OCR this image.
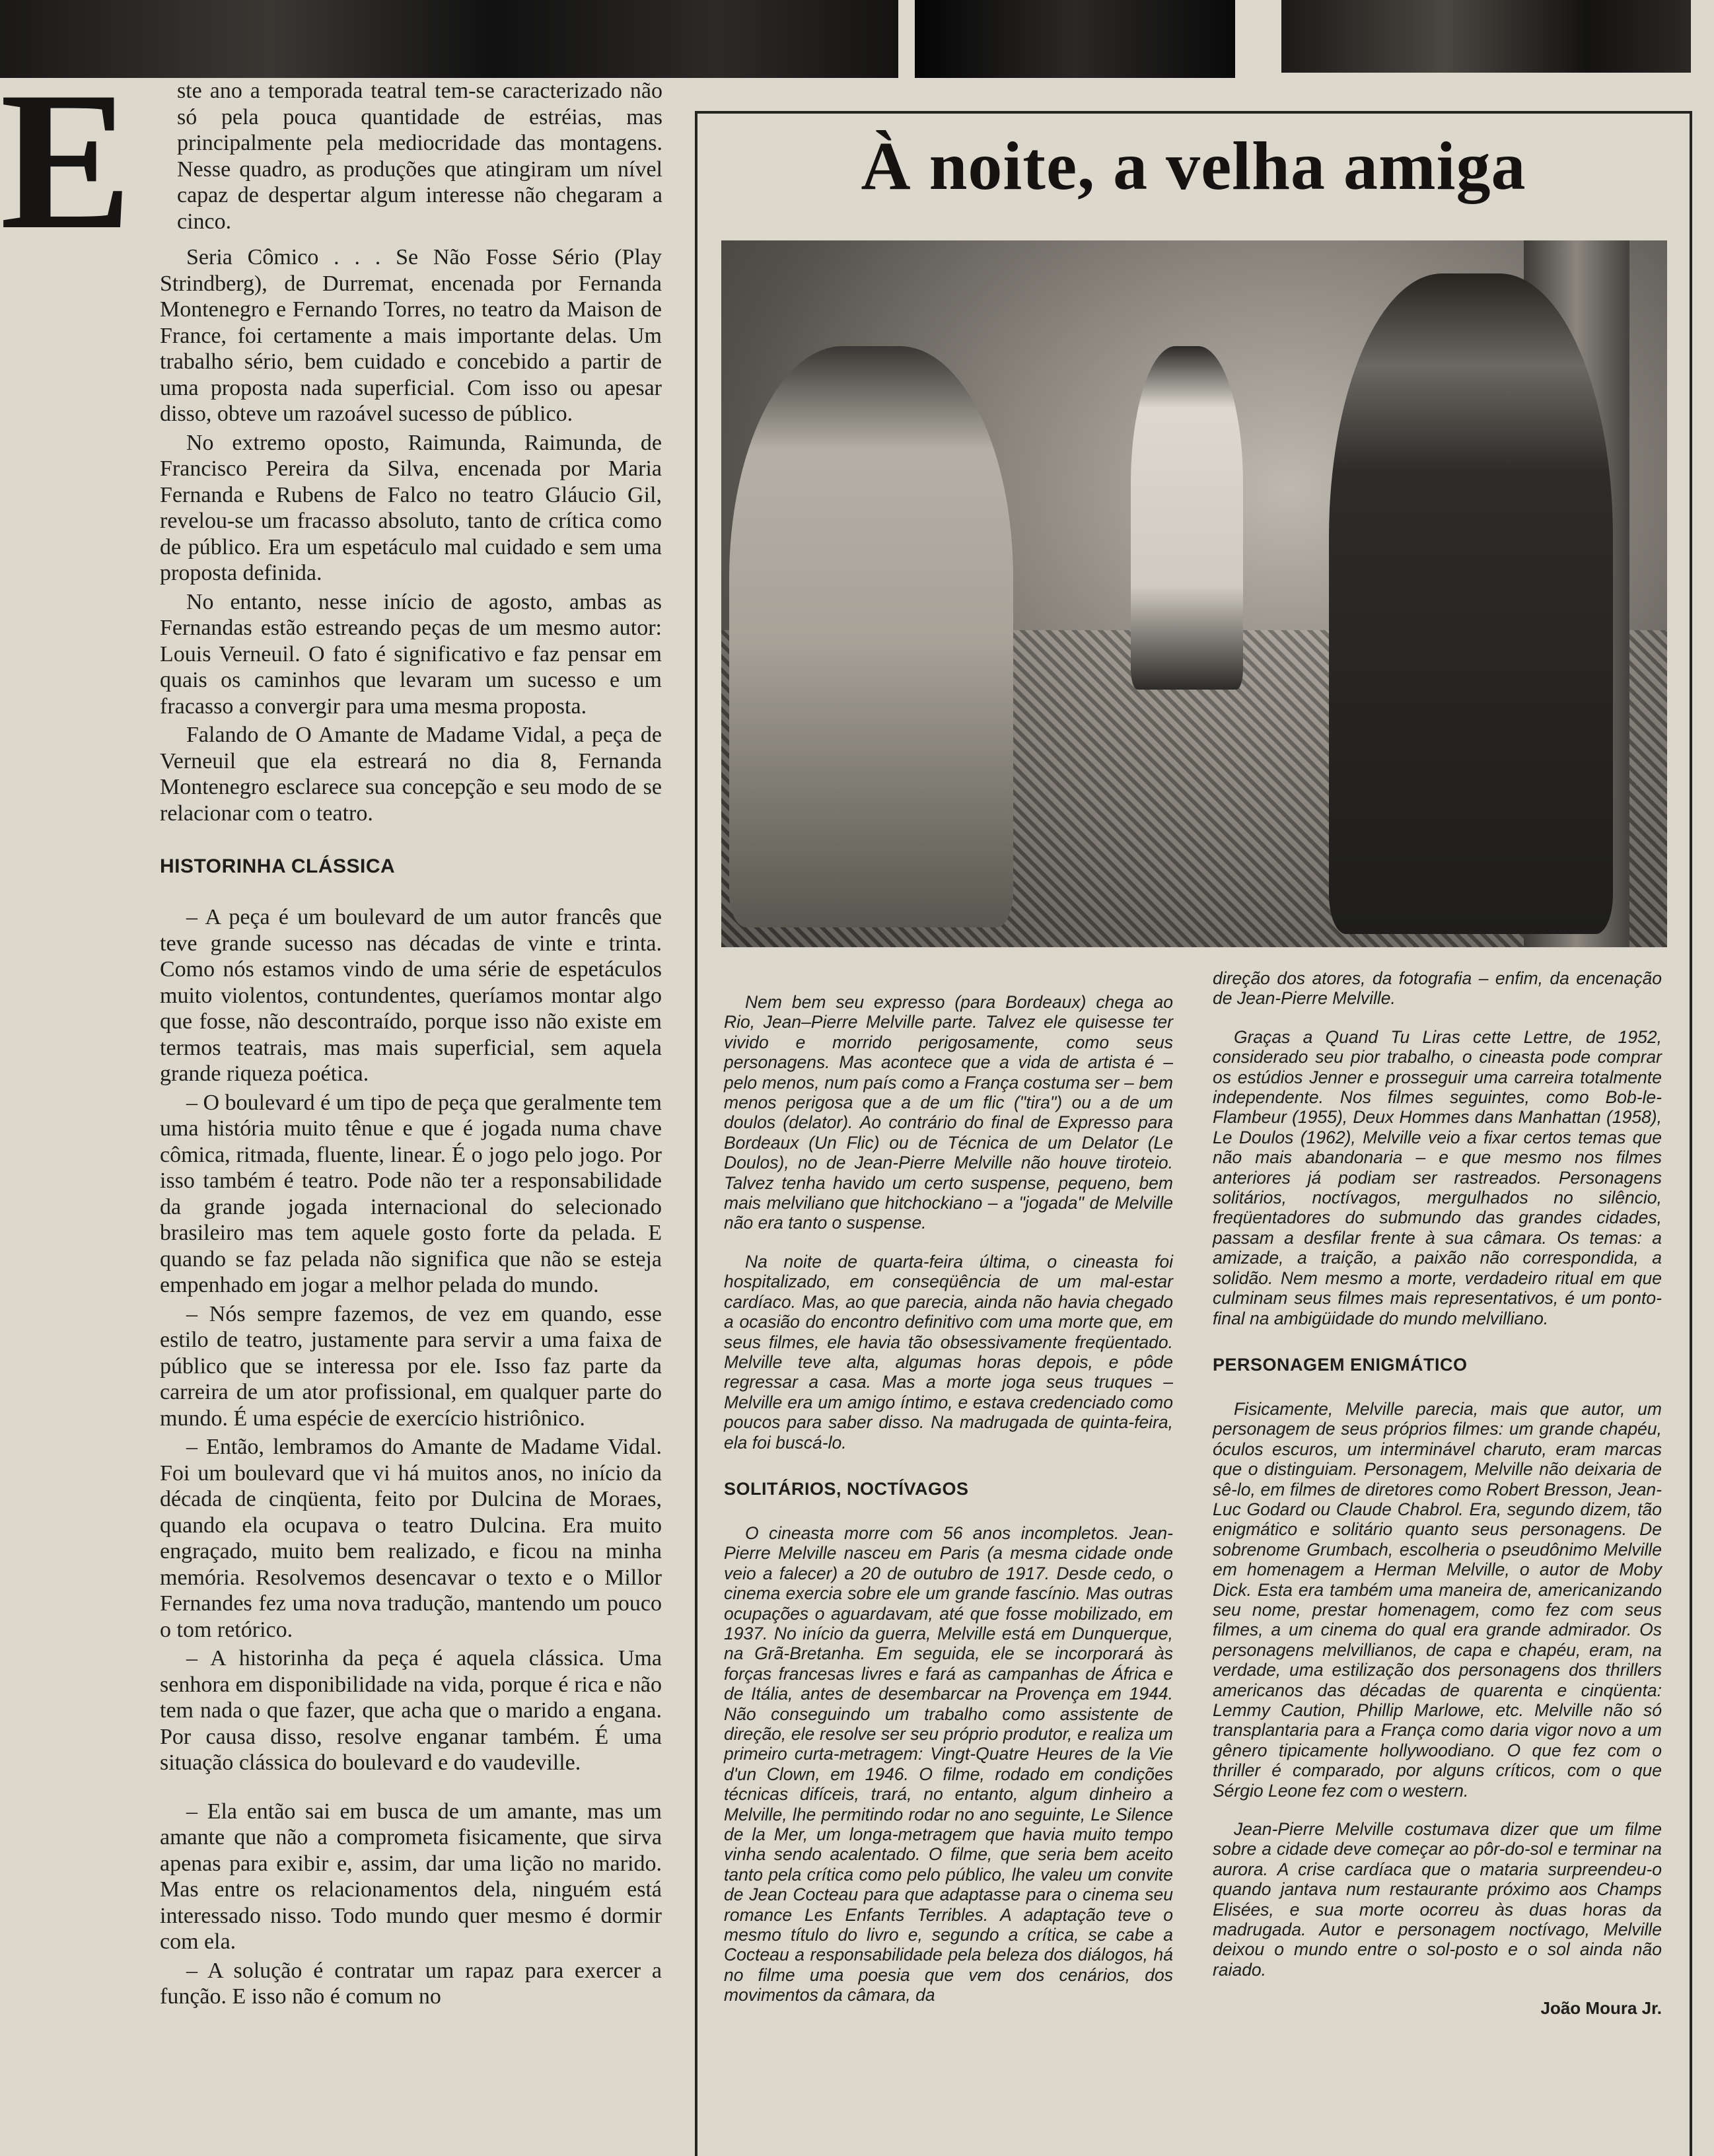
E	ste ano a temporada teatral tem-se caracterizado não só pela pouca quantidade de estréias, mas principalmente pela mediocridade das montagens. Nesse quadro, as produções que atingiram um nível capaz de despertar algum interesse não chegaram a cinco.

Seria Cômico . . . Se Não Fosse Sério (Play Strindberg), de Durremat, encenada por Fernanda Montenegro e Fernando Torres, no teatro da Maison de France, foi certamente a mais importante delas. Um trabalho sério, bem cuidado e concebido a partir de uma proposta nada superficial. Com isso ou apesar disso, obteve um razoável sucesso de público.

No extremo oposto, Raimunda, Raimunda, de Francisco Pereira da Silva, encenada por Maria Fernanda e Rubens de Falco no teatro Gláucio Gil, revelou-se um fracasso absoluto, tanto de crítica como de público. Era um espetáculo mal cuidado e sem uma proposta definida.

No entanto, nesse início de agosto, ambas as Fernandas estão estreando peças de um mesmo autor: Louis Verneuil. O fato é significativo e faz pensar em quais os caminhos que levaram um sucesso e um fracasso a convergir para uma mesma proposta.

Falando de O Amante de Madame Vidal, a peça de Verneuil que ela estreará no dia 8, Fernanda Montenegro esclarece sua concepção e seu modo de se relacionar com o teatro.

HISTORINHA CLÁSSICA

– A peça é um boulevard de um autor francês que teve grande sucesso nas décadas de vinte e trinta. Como nós estamos vindo de uma série de espetáculos muito violentos, contundentes, queríamos montar algo que fosse, não descontraído, porque isso não existe em termos teatrais, mas mais superficial, sem aquela grande riqueza poética.

– O boulevard é um tipo de peça que geralmente tem uma história muito tênue e que é jogada numa chave cômica, ritmada, fluente, linear. É o jogo pelo jogo. Por isso também é teatro. Pode não ter a responsabilidade da grande jogada internacional do selecionado brasileiro mas tem aquele gosto forte da pelada. E quando se faz pelada não significa que não se esteja empenhado em jogar a melhor pelada do mundo.

– Nós sempre fazemos, de vez em quando, esse estilo de teatro, justamente para servir a uma faixa de público que se interessa por ele. Isso faz parte da carreira de um ator profissional, em qualquer parte do mundo. É uma espécie de exercício histriônico.

– Então, lembramos do Amante de Madame Vidal. Foi um boulevard que vi há muitos anos, no início da década de cinqüenta, feito por Dulcina de Moraes, quando ela ocupava o teatro Dulcina. Era muito engraçado, muito bem realizado, e ficou na minha memória. Resolvemos desencavar o texto e o Millor Fernandes fez uma nova tradução, mantendo um pouco o tom retórico.

– A historinha da peça é aquela clássica. Uma senhora em disponibilidade na vida, porque é rica e não tem nada o que fazer, que acha que o marido a engana. Por causa disso, resolve enganar também. É uma situação clássica do boulevard e do vaudeville.

– Ela então sai em busca de um amante, mas um amante que não a comprometa fisicamente, que sirva apenas para exibir e, assim, dar uma lição no marido. Mas entre os relacionamentos dela, ninguém está interessado nisso. Todo mundo quer mesmo é dormir com ela.

– A solução é contratar um rapaz para exercer a função. E isso não é comum no

À noite, a velha amiga

Nem bem seu expresso (para Bordeaux) chega ao Rio, Jean–Pierre Melville parte. Talvez ele quisesse ter vivido e morrido perigosamente, como seus personagens. Mas acontece que a vida de artista é – pelo menos, num país como a França costuma ser – bem menos perigosa que a de um flic ("tira") ou a de um doulos (delator). Ao contrário do final de Expresso para Bordeaux (Un Flic) ou de Técnica de um Delator (Le Doulos), no de Jean-Pierre Melville não houve tiroteio. Talvez tenha havido um certo suspense, pequeno, bem mais melviliano que hitchockiano – a "jogada" de Melville não era tanto o suspense.

Na noite de quarta-feira última, o cineasta foi hospitalizado, em conseqüência de um mal-estar cardíaco. Mas, ao que parecia, ainda não havia chegado a ocasião do encontro definitivo com uma morte que, em seus filmes, ele havia tão obsessivamente freqüentado. Melville teve alta, algumas horas depois, e pôde regressar a casa. Mas a morte joga seus truques – Melville era um amigo íntimo, e estava credenciado como poucos para saber disso. Na madrugada de quinta-feira, ela foi buscá-lo.

SOLITÁRIOS, NOCTÍVAGOS

O cineasta morre com 56 anos incompletos. Jean-Pierre Melville nasceu em Paris (a mesma cidade onde veio a falecer) a 20 de outubro de 1917. Desde cedo, o cinema exercia sobre ele um grande fascínio. Mas outras ocupações o aguardavam, até que fosse mobilizado, em 1937. No início da guerra, Melville está em Dunquerque, na Grã-Bretanha. Em seguida, ele se incorporará às forças francesas livres e fará as campanhas de África e de Itália, antes de desembarcar na Provença em 1944. Não conseguindo um trabalho como assistente de direção, ele resolve ser seu próprio produtor, e realiza um primeiro curta-metragem: Vingt-Quatre Heures de la Vie d'un Clown, em 1946. O filme, rodado em condições técnicas difíceis, trará, no entanto, algum dinheiro a Melville, lhe permitindo rodar no ano seguinte, Le Silence de la Mer, um longa-metragem que havia muito tempo vinha sendo acalentado. O filme, que seria bem aceito tanto pela crítica como pelo público, lhe valeu um convite de Jean Cocteau para que adaptasse para o cinema seu romance Les Enfants Terribles. A adaptação teve o mesmo título do livro e, segundo a crítica, se cabe a Cocteau a responsabilidade pela beleza dos diálogos, há no filme uma poesia que vem dos cenários, dos movimentos da câmara, da

direção dos atores, da fotografia – enfim, da encenação de Jean-Pierre Melville.

Graças a Quand Tu Liras cette Lettre, de 1952, considerado seu pior trabalho, o cineasta pode comprar os estúdios Jenner e prosseguir uma carreira totalmente independente. Nos filmes seguintes, como Bob-le-Flambeur (1955), Deux Hommes dans Manhattan (1958), Le Doulos (1962), Melville veio a fixar certos temas que não mais abandonaria – e que mesmo nos filmes anteriores já podiam ser rastreados. Personagens solitários, noctívagos, mergulhados no silêncio, freqüentadores do submundo das grandes cidades, passam a desfilar frente à sua câmara. Os temas: a amizade, a traição, a paixão não correspondida, a solidão. Nem mesmo a morte, verdadeiro ritual em que culminam seus filmes mais representativos, é um ponto-final na ambigüidade do mundo melvilliano.

PERSONAGEM ENIGMÁTICO

Fisicamente, Melville parecia, mais que autor, um personagem de seus próprios filmes: um grande chapéu, óculos escuros, um interminável charuto, eram marcas que o distinguiam. Personagem, Melville não deixaria de sê-lo, em filmes de diretores como Robert Bresson, Jean-Luc Godard ou Claude Chabrol. Era, segundo dizem, tão enigmático e solitário quanto seus personagens. De sobrenome Grumbach, escolheria o pseudônimo Melville em homenagem a Herman Melville, o autor de Moby Dick. Esta era também uma maneira de, americanizando seu nome, prestar homenagem, como fez com seus filmes, a um cinema do qual era grande admirador. Os personagens melvillianos, de capa e chapéu, eram, na verdade, uma estilização dos personagens dos thrillers americanos das décadas de quarenta e cinqüenta: Lemmy Caution, Phillip Marlowe, etc. Melville não só transplantaria para a França como daria vigor novo a um gênero tipicamente hollywoodiano. O que fez com o thriller é comparado, por alguns críticos, com o que Sérgio Leone fez com o western.

Jean-Pierre Melville costumava dizer que um filme sobre a cidade deve começar ao pôr-do-sol e terminar na aurora. A crise cardíaca que o mataria surpreendeu-o quando jantava num restaurante próximo aos Champs Elisées, e sua morte ocorreu às duas horas da madrugada. Autor e personagem noctívago, Melville deixou o mundo entre o sol-posto e o sol ainda não raiado.

João Moura Jr.
